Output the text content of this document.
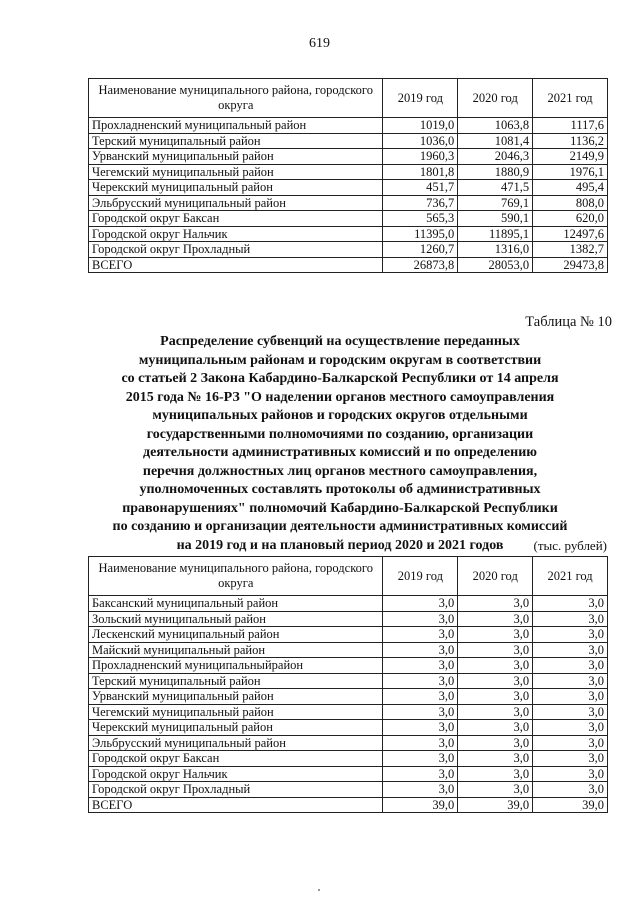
619
Наименование муниципального района, городского округа	2019 год	2020 год	2021 год
Прохладненский муниципальный район	1019,0	1063,8	1117,6
Терский муниципальный район	1036,0	1081,4	1136,2
Урванский муниципальный район	1960,3	2046,3	2149,9
Чегемский муниципальный район	1801,8	1880,9	1976,1
Черекский муниципальный район	451,7	471,5	495,4
Эльбрусский муниципальный район	736,7	769,1	808,0
Городской округ Баксан	565,3	590,1	620,0
Городской округ Нальчик	11395,0	11895,1	12497,6
Городской округ Прохладный	1260,7	1316,0	1382,7
ВСЕГО	26873,8	28053,0	29473,8
Таблица № 10
Распределение субвенций на осуществление переданных
муниципальным районам и городским округам в соответствии
со статьей 2 Закона Кабардино-Балкарской Республики от 14 апреля
2015 года № 16-РЗ "О наделении органов местного самоуправления
муниципальных районов и городских округов отдельными
государственными полномочиями по созданию, организации
деятельности административных комиссий и по определению
перечня должностных лиц органов местного самоуправления,
уполномоченных составлять протоколы об административных
правонарушениях" полномочий Кабардино-Балкарской Республики
по созданию и организации деятельности административных комиссий
на 2019 год и на плановый период 2020 и 2021 годов	(тыс. рублей)
Наименование муниципального района, городского округа	2019 год	2020 год	2021 год
Баксанский муниципальный район	3,0	3,0	3,0
Зольский муниципальный район	3,0	3,0	3,0
Лескенский муниципальный район	3,0	3,0	3,0
Майский муниципальный район	3,0	3,0	3,0
Прохладненский муниципальныйрайон	3,0	3,0	3,0
Терский муниципальный район	3,0	3,0	3,0
Урванский муниципальный район	3,0	3,0	3,0
Чегемский муниципальный район	3,0	3,0	3,0
Черекский муниципальный район	3,0	3,0	3,0
Эльбрусский муниципальный район	3,0	3,0	3,0
Городской округ Баксан	3,0	3,0	3,0
Городской округ Нальчик	3,0	3,0	3,0
Городской округ Прохладный	3,0	3,0	3,0
ВСЕГО	39,0	39,0	39,0
